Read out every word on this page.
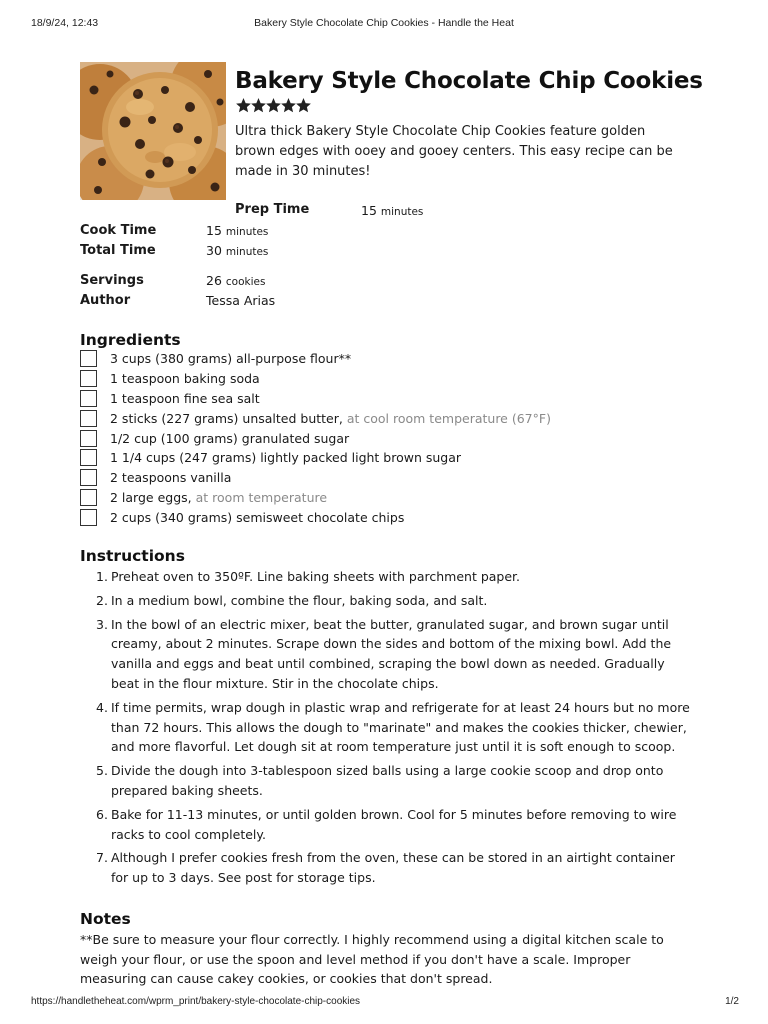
18/9/24, 12:43	Bakery Style Chocolate Chip Cookies - Handle the Heat
Bakery Style Chocolate Chip Cookies
Ultra thick Bakery Style Chocolate Chip Cookies feature golden brown edges with ooey and gooey centers. This easy recipe can be made in 30 minutes!
Prep Time	15 minutes
Cook Time	15 minutes
Total Time	30 minutes
Servings	26 cookies
Author	Tessa Arias
Ingredients
3 cups (380 grams) all-purpose flour**
1 teaspoon baking soda
1 teaspoon fine sea salt
2 sticks (227 grams) unsalted butter, at cool room temperature (67°F)
1/2 cup (100 grams) granulated sugar
1 1/4 cups (247 grams) lightly packed light brown sugar
2 teaspoons vanilla
2 large eggs, at room temperature
2 cups (340 grams) semisweet chocolate chips
Instructions
1. Preheat oven to 350ºF. Line baking sheets with parchment paper.
2. In a medium bowl, combine the flour, baking soda, and salt.
3. In the bowl of an electric mixer, beat the butter, granulated sugar, and brown sugar until creamy, about 2 minutes. Scrape down the sides and bottom of the mixing bowl. Add the vanilla and eggs and beat until combined, scraping the bowl down as needed. Gradually beat in the flour mixture. Stir in the chocolate chips.
4. If time permits, wrap dough in plastic wrap and refrigerate for at least 24 hours but no more than 72 hours. This allows the dough to "marinate" and makes the cookies thicker, chewier, and more flavorful. Let dough sit at room temperature just until it is soft enough to scoop.
5. Divide the dough into 3-tablespoon sized balls using a large cookie scoop and drop onto prepared baking sheets.
6. Bake for 11-13 minutes, or until golden brown. Cool for 5 minutes before removing to wire racks to cool completely.
7. Although I prefer cookies fresh from the oven, these can be stored in an airtight container for up to 3 days. See post for storage tips.
Notes
**Be sure to measure your flour correctly. I highly recommend using a digital kitchen scale to weigh your flour, or use the spoon and level method if you don't have a scale. Improper measuring can cause cakey cookies, or cookies that don't spread.
https://handletheheat.com/wprm_print/bakery-style-chocolate-chip-cookies	1/2
